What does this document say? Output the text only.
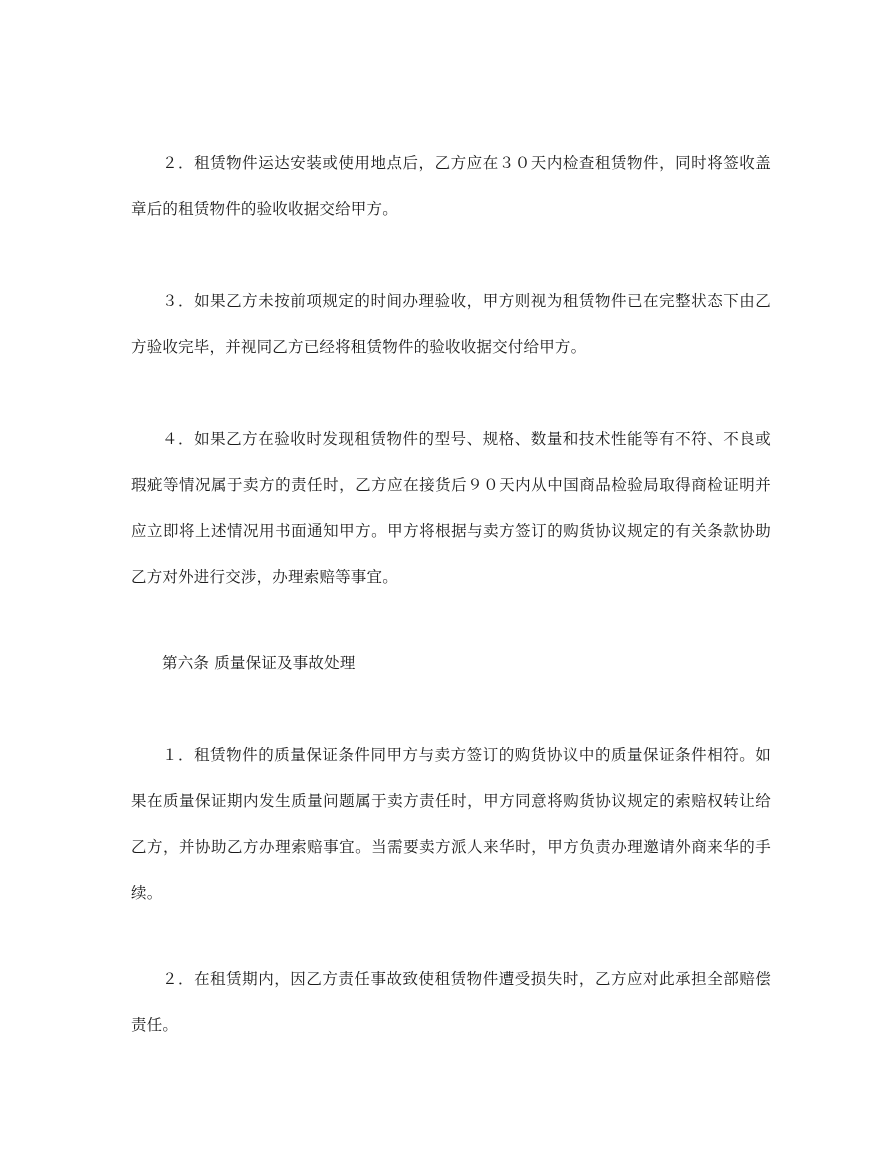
２．租赁物件运达安装或使用地点后，乙方应在３０天内检查租赁物件，同时将签收盖章后的租赁物件的验收收据交给甲方。

３．如果乙方未按前项规定的时间办理验收，甲方则视为租赁物件已在完整状态下由乙方验收完毕，并视同乙方已经将租赁物件的验收收据交付给甲方。

４．如果乙方在验收时发现租赁物件的型号、规格、数量和技术性能等有不符、不良或瑕疵等情况属于卖方的责任时，乙方应在接货后９０天内从中国商品检验局取得商检证明并应立即将上述情况用书面通知甲方。甲方将根据与卖方签订的购货协议规定的有关条款协助乙方对外进行交涉，办理索赔等事宜。

第六条 质量保证及事故处理

１．租赁物件的质量保证条件同甲方与卖方签订的购货协议中的质量保证条件相符。如果在质量保证期内发生质量问题属于卖方责任时，甲方同意将购货协议规定的索赔权转让给乙方，并协助乙方办理索赔事宜。当需要卖方派人来华时，甲方负责办理邀请外商来华的手续。

２．在租赁期内，因乙方责任事故致使租赁物件遭受损失时，乙方应对此承担全部赔偿责任。
